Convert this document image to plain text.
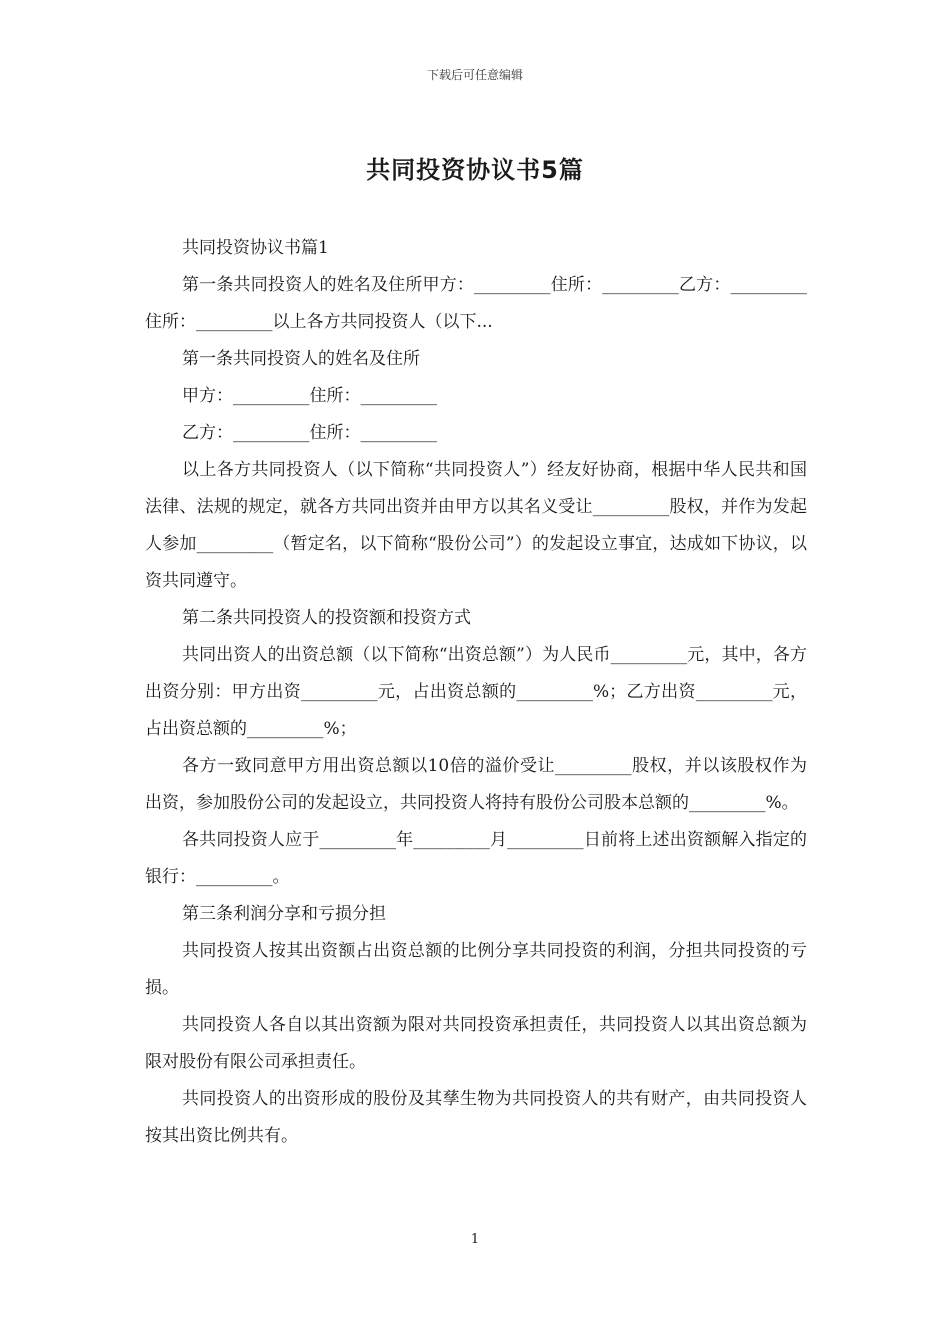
下载后可任意编辑
共同投资协议书5篇

共同投资协议书篇1

第一条共同投资人的姓名及住所甲方：_________住所：_________乙方：_________住所：_________以上各方共同投资人（以下...

第一条共同投资人的姓名及住所

甲方：_________住所：_________

乙方：_________住所：_________

以上各方共同投资人（以下简称“共同投资人”）经友好协商，根据中华人民共和国法律、法规的规定，就各方共同出资并由甲方以其名义受让_________股权，并作为发起人参加_________（暂定名，以下简称“股份公司”）的发起设立事宜，达成如下协议，以资共同遵守。

第二条共同投资人的投资额和投资方式

共同出资人的出资总额（以下简称“出资总额”）为人民币_________元，其中，各方出资分别：甲方出资_________元，占出资总额的_________%；乙方出资_________元，占出资总额的_________%；

各方一致同意甲方用出资总额以10倍的溢价受让_________股权，并以该股权作为出资，参加股份公司的发起设立，共同投资人将持有股份公司股本总额的_________%。

各共同投资人应于_________年_________月_________日前将上述出资额解入指定的银行：_________。

第三条利润分享和亏损分担

共同投资人按其出资额占出资总额的比例分享共同投资的利润，分担共同投资的亏损。

共同投资人各自以其出资额为限对共同投资承担责任，共同投资人以其出资总额为限对股份有限公司承担责任。

共同投资人的出资形成的股份及其孳生物为共同投资人的共有财产，由共同投资人按其出资比例共有。

1
